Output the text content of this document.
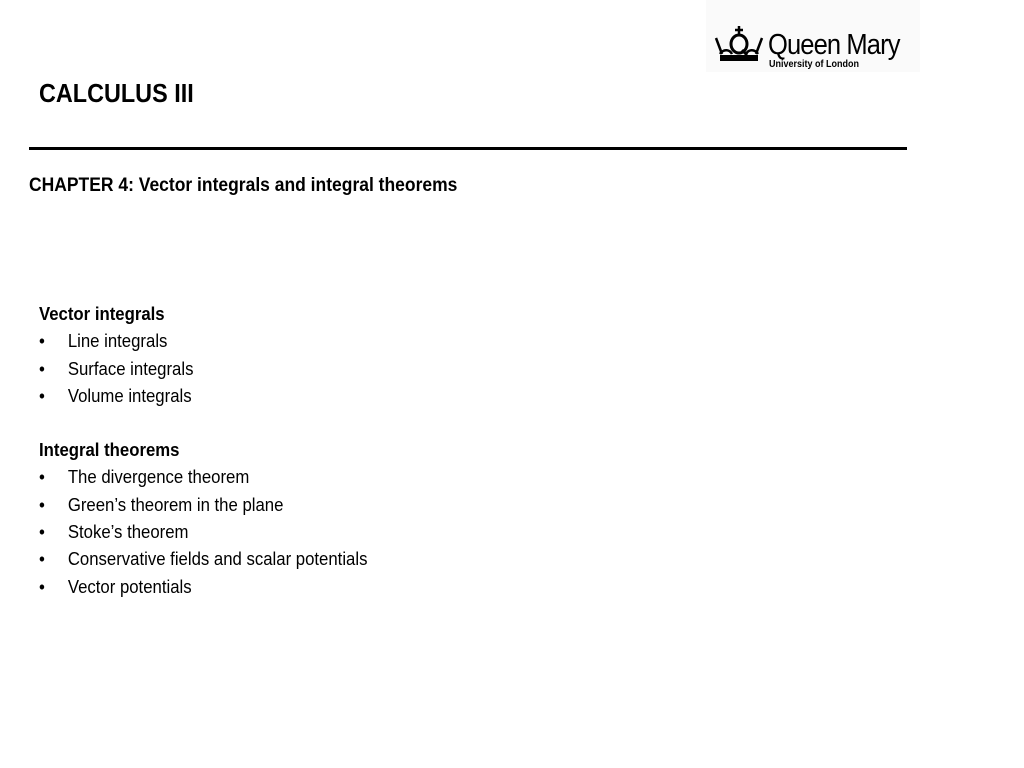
Queen Mary
University of London
CALCULUS III
CHAPTER 4: Vector integrals and integral theorems
Vector integrals
• Line integrals
• Surface integrals
• Volume integrals
Integral theorems
• The divergence theorem
• Green’s theorem in the plane
• Stoke’s theorem
• Conservative fields and scalar potentials
• Vector potentials
